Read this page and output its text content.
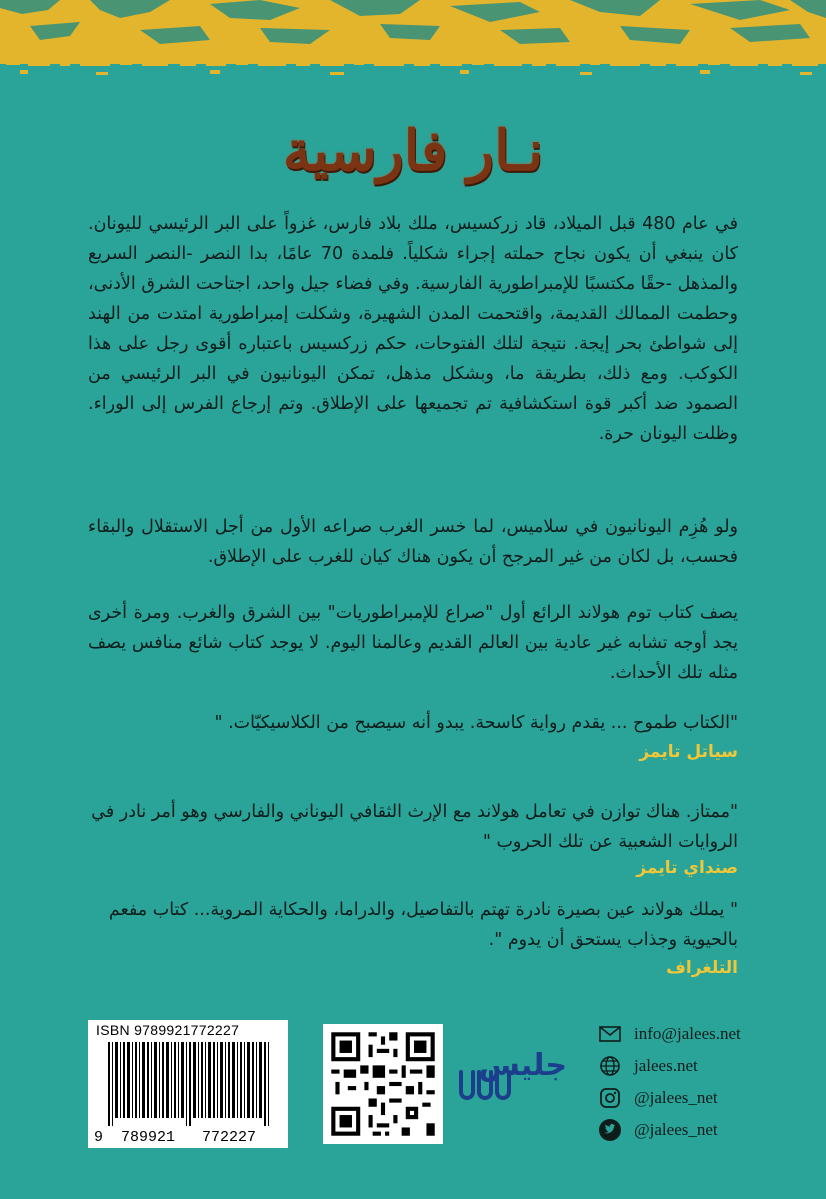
نـار فارسية

في عام 480 قبل الميلاد، قاد زركسيس، ملك بلاد فارس، غزواً على البر الرئيسي لليونان. كان ينبغي أن يكون نجاح حملته إجراء شكلياً. فلمدة 70 عامًا، بدا النصر -النصر السريع والمذهل -حقًا مكتسبًا للإمبراطورية الفارسية. وفي فضاء جيل واحد، اجتاحت الشرق الأدنى، وحطمت الممالك القديمة، واقتحمت المدن الشهيرة، وشكلت إمبراطورية امتدت من الهند إلى شواطئ بحر إيجة. نتيجة لتلك الفتوحات، حكم زركسيس باعتباره أقوى رجل على هذا الكوكب. ومع ذلك، بطريقة ما، وبشكل مذهل، تمكن اليونانيون في البر الرئيسي من الصمود ضد أكبر قوة استكشافية تم تجميعها على الإطلاق. وتم إرجاع الفرس إلى الوراء. وظلت اليونان حرة.

ولو هُزِم اليونانيون في سلاميس، لما خسر الغرب صراعه الأول من أجل الاستقلال والبقاء فحسب، بل لكان من غير المرجح أن يكون هناك كيان للغرب على الإطلاق.

يصف كتاب توم هولاند الرائع أول "صراع للإمبراطوريات" بين الشرق والغرب. ومرة أخرى يجد أوجه تشابه غير عادية بين العالم القديم وعالمنا اليوم. لا يوجد كتاب شائع منافس يصف مثله تلك الأحداث.

"الكتاب طموح ... يقدم رواية كاسحة. يبدو أنه سيصبح من الكلاسيكيّات. "

سياتل تايمز

"ممتاز. هناك توازن في تعامل هولاند مع الإرث الثقافي اليوناني والفارسي وهو أمر نادر في الروايات الشعبية عن تلك الحروب "

صنداي تايمز

" يملك هولاند عين بصيرة نادرة تهتم بالتفاصيل، والدراما، والحكاية المروية... كتاب مفعم بالحيوية وجذاب يستحق أن يدوم ".

التلغراف
ISBN 9789921772227
9  789921   772227
جليس
info@jalees.net
jalees.net
@jalees_net
@jalees_net
